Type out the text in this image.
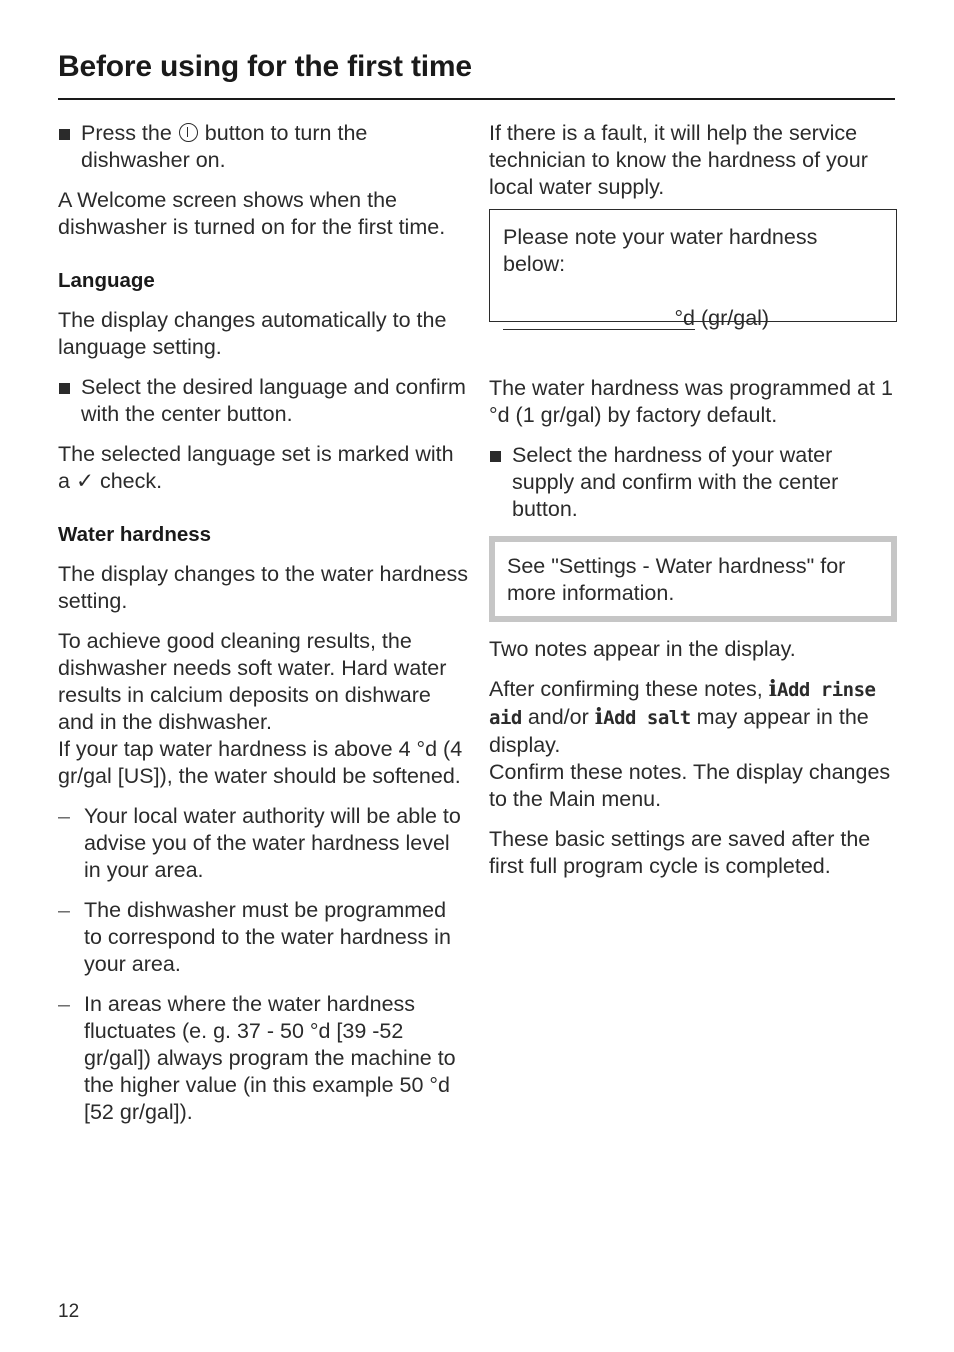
Before using for the first time
Press the button to turn the dishwasher on.

A Welcome screen shows when the dishwasher is turned on for the first time.

Language

The display changes automatically to the language setting.

Select the desired language and confirm with the center button.

The selected language set is marked with a ✓ check.

Water hardness

The display changes to the water hardness setting.

To achieve good cleaning results, the dishwasher needs soft water. Hard water results in calcium deposits on dishware and in the dishwasher.
If your tap water hardness is above 4 °d (4 gr/gal [US]), the water should be softened.

– Your local water authority will be able to advise you of the water hardness level in your area.
– The dishwasher must be programmed to correspond to the water hardness in your area.
– In areas where the water hardness fluctuates (e. g. 37 - 50 °d [39 -52 gr/gal]) always program the machine to the higher value (in this example 50 °d [52 gr/gal]).

If there is a fault, it will help the service technician to know the hardness of your local water supply.

Please note your water hardness below:

°d (gr/gal)

The water hardness was programmed at 1 °d (1 gr/gal) by factory default.

Select the hardness of your water supply and confirm with the center button.

See "Settings - Water hardness" for more information.

Two notes appear in the display.

After confirming these notes, iAdd rinse aid and/or iAdd salt may appear in the display.
Confirm these notes. The display changes to the Main menu.

These basic settings are saved after the first full program cycle is completed.

12
